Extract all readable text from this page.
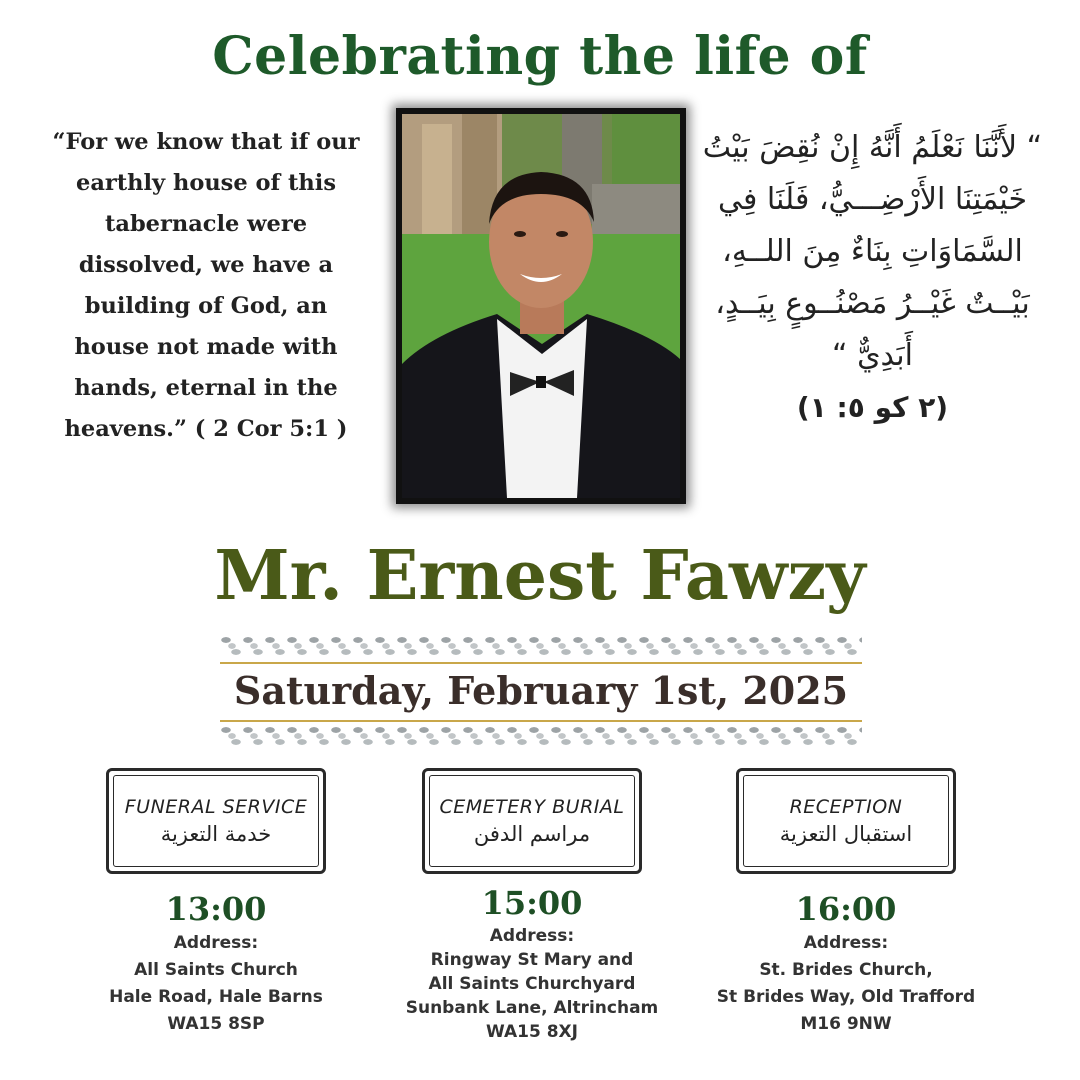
Celebrating the life of
“For we know that if our earthly house of this tabernacle were dissolved, we have a building of God, an house not made with hands, eternal in the heavens.” ( 2 Cor 5:1 )
“ لأَنَّنَا نَعْلَمُ أَنَّهُ إِنْ نُقِضَ بَيْتُ خَيْمَتِنَا الأَرْضِـــيُّ، فَلَنَا فِي السَّمَاوَاتِ بِنَاءٌ مِنَ اللــهِ، بَيْــتٌ غَيْــرُ مَصْنُــوعٍ بِيَــدٍ، أَبَدِيٌّ “
(٢ كو ٥: ١)
Mr. Ernest Fawzy
Saturday, February 1st, 2025
FUNERAL SERVICE
خدمة التعزية
13:00
Address:
All Saints Church
Hale Road, Hale Barns
WA15 8SP
CEMETERY BURIAL
مراسم الدفن
15:00
Address:
Ringway St Mary and
All Saints Churchyard
Sunbank Lane, Altrincham
WA15 8XJ
RECEPTION
استقبال التعزية
16:00
Address:
St. Brides Church,
St Brides Way, Old Trafford
M16 9NW
